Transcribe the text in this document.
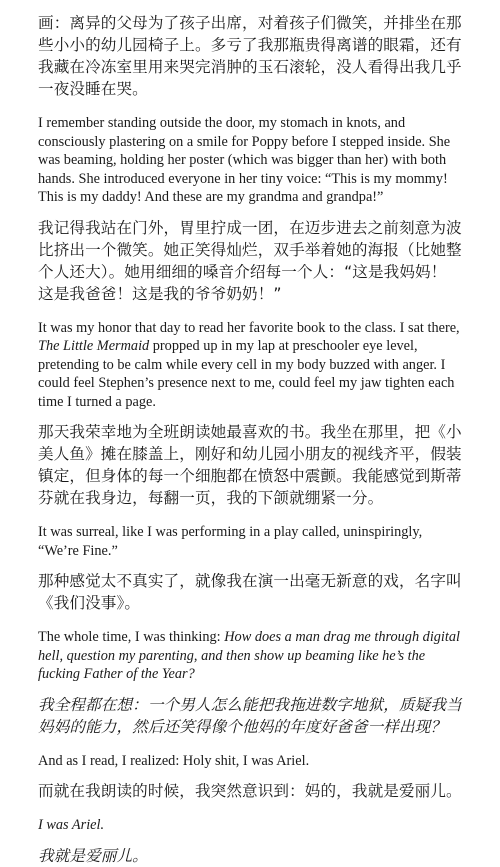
画：离异的父母为了孩子出席，对着孩子们微笑，并排坐在那些小小的幼儿园椅子上。多亏了我那瓶贵得离谱的眼霜，还有我藏在冷冻室里用来哭完消肿的玉石滚轮，没人看得出我几乎一夜没睡在哭。

I remember standing outside the door, my stomach in knots, and consciously plastering on a smile for Poppy before I stepped inside. She was beaming, holding her poster (which was bigger than her) with both hands. She introduced everyone in her tiny voice: “This is my mommy! This is my daddy! And these are my grandma and grandpa!”

我记得我站在门外，胃里拧成一团，在迈步进去之前刻意为波比挤出一个微笑。她正笑得灿烂，双手举着她的海报（比她整个人还大）。她用细细的嗓音介绍每一个人：“这是我妈妈！这是我爸爸！这是我的爷爷奶奶！”

It was my honor that day to read her favorite book to the class. I sat there, The Little Mermaid propped up in my lap at preschooler eye level, pretending to be calm while every cell in my body buzzed with anger. I could feel Stephen’s presence next to me, could feel my jaw tighten each time I turned a page.

那天我荣幸地为全班朗读她最喜欢的书。我坐在那里，把《小美人鱼》摊在膝盖上，刚好和幼儿园小朋友的视线齐平，假装镇定，但身体的每一个细胞都在愤怒中震颤。我能感觉到斯蒂芬就在我身边，每翻一页，我的下颌就绷紧一分。

It was surreal, like I was performing in a play called, uninspiringly, “We’re Fine.”

那种感觉太不真实了，就像我在演一出毫无新意的戏，名字叫《我们没事》。

The whole time, I was thinking: How does a man drag me through digital hell, question my parenting, and then show up beaming like he’s the fucking Father of the Year?

我全程都在想：一个男人怎么能把我拖进数字地狱，质疑我当妈妈的能力，然后还笑得像个他妈的年度好爸爸一样出现？

And as I read, I realized: Holy shit, I was Ariel.

而就在我朗读的时候，我突然意识到：妈的，我就是爱丽儿。

I was Ariel.

我就是爱丽儿。
